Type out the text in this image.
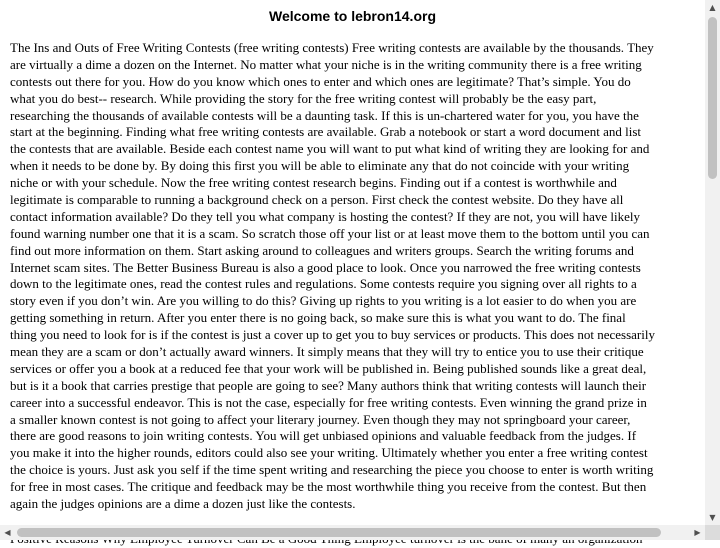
Welcome to lebron14.org
The Ins and Outs of Free Writing Contests (free writing contests) Free writing contests are available by the thousands. They
are virtually a dime a dozen on the Internet. No matter what your niche is in the writing community there is a free writing
contests out there for you. How do you know which ones to enter and which ones are legitimate? That’s simple. You do
what you do best-- research. While providing the story for the free writing contest will probably be the easy part,
researching the thousands of available contests will be a daunting task. If this is un-chartered water for you, you have the
start at the beginning. Finding what free writing contests are available. Grab a notebook or start a word document and list
the contests that are available. Beside each contest name you will want to put what kind of writing they are looking for and
when it needs to be done by. By doing this first you will be able to eliminate any that do not coincide with your writing
niche or with your schedule. Now the free writing contest research begins. Finding out if a contest is worthwhile and
legitimate is comparable to running a background check on a person. First check the contest website. Do they have all
contact information available? Do they tell you what company is hosting the contest? If they are not, you will have likely
found warning number one that it is a scam. So scratch those off your list or at least move them to the bottom until you can
find out more information on them. Start asking around to colleagues and writers groups. Search the writing forums and
Internet scam sites. The Better Business Bureau is also a good place to look. Once you narrowed the free writing contests
down to the legitimate ones, read the contest rules and regulations. Some contests require you signing over all rights to a
story even if you don’t win. Are you willing to do this? Giving up rights to you writing is a lot easier to do when you are
getting something in return. After you enter there is no going back, so make sure this is what you want to do. The final
thing you need to look for is if the contest is just a cover up to get you to buy services or products. This does not necessarily
mean they are a scam or don’t actually award winners. It simply means that they will try to entice you to use their critique
services or offer you a book at a reduced fee that your work will be published in. Being published sounds like a great deal,
but is it a book that carries prestige that people are going to see? Many authors think that writing contests will launch their
career into a successful endeavor. This is not the case, especially for free writing contests. Even winning the grand prize in
a smaller known contest is not going to affect your literary journey. Even though they may not springboard your career,
there are good reasons to join writing contests. You will get unbiased opinions and valuable feedback from the judges. If
you make it into the higher rounds, editors could also see your writing. Ultimately whether you enter a free writing contest
the choice is yours. Just ask you self if the time spent writing and researching the piece you choose to enter is worth writing
for free in most cases. The critique and feedback may be the most worthwhile thing you receive from the contest. But then
again the judges opinions are a dime a dozen just like the contests.
▲
▼
◀	▶
